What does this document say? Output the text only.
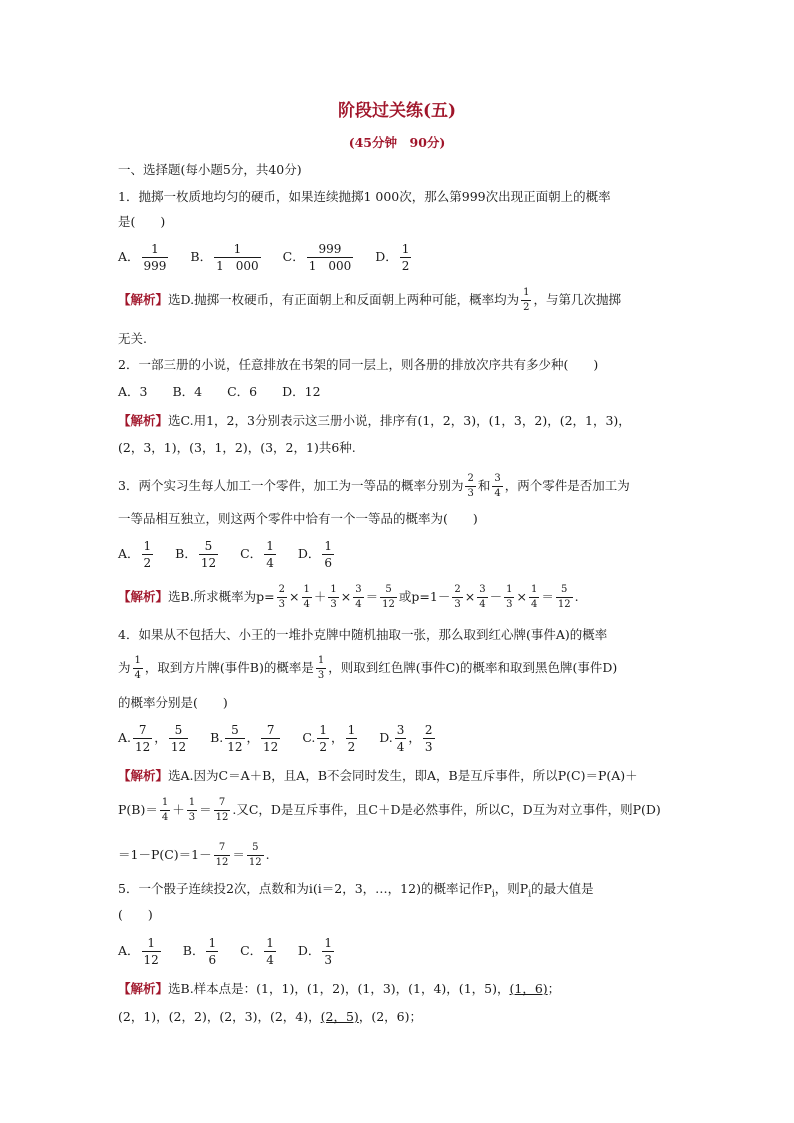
阶段过关练(五)
(45分钟　90分)
一、选择题(每小题5分，共40分)
1．抛掷一枚质地均匀的硬币，如果连续抛掷1 000次，那么第999次出现正面朝上的概率
是(　　)
A． $\frac{1}{999}$ B． $\frac{1}{1 000}$ C． $\frac{999}{1 000}$ D． $\frac{1}{2}$
【解析】选D.抛掷一枚硬币，有正面朝上和反面朝上两种可能，概率均为 $\frac{1}{2}$ ，与第几次抛掷
无关.
2．一部三册的小说，任意排放在书架的同一层上，则各册的排放次序共有多少种(　　)
A．3　　B．4　　C．6　　D．12
【解析】选C.用1，2，3分别表示这三册小说，排序有(1，2，3)，(1，3，2)，(2，1，3)，
(2，3，1)，(3，1，2)，(3，2，1)共6种.
3．两个实习生每人加工一个零件，加工为一等品的概率分别为 $\frac{2}{3}$ 和 $\frac{3}{4}$ ，两个零件是否加工为
一等品相互独立，则这两个零件中恰有一个一等品的概率为(　　)
A． $\frac{1}{2}$ B． $\frac{5}{12}$ C． $\frac{1}{4}$ D． $\frac{1}{6}$
【解析】选B.所求概率为$p= \frac{2}{3} \times \frac{1}{4} + \frac{1}{3} \times \frac{3}{4} = \frac{5}{12}$ 或$p=1- \frac{2}{3} \times \frac{3}{4} - \frac{1}{3} \times \frac{1}{4} = \frac{5}{12}$ .
4．如果从不包括大、小王的一堆扑克牌中随机抽取一张，那么取到红心牌(事件A)的概率
为 $\frac{1}{4}$ ，取到方片牌(事件B)的概率是 $\frac{1}{3}$ ，则取到红色牌(事件C)的概率和取到黑色牌(事件D)
的概率分别是(　　)
A. $\frac{7}{12}$ ， $\frac{5}{12} B$. $\frac{5}{12}$ ， $\frac{7}{12} C$. $\frac{1}{2}$ ， $\frac{1}{2} D$. $\frac{3}{4}$ ， $\frac{2}{3}$
【解析】选A.因为C＝A＋B，且A，B不会同时发生，即A，B是互斥事件，所以P(C)＝P(A)＋
$P(B)= \frac{1}{4} + \frac{1}{3} = \frac{7}{12}$ .又C，D是互斥事件，且C＋D是必然事件，所以C，D互为对立事件，则P(D)
$=1-P(C)=1- \frac{7}{12} = \frac{5}{12}$ .
5．一个骰子连续投2次，点数和为i(i＝2，3，…，12)的概率记作$P_i$，则$P_i$的最大值是
(　　)
A． $\frac{1}{12}$ B． $\frac{1}{6}$ C． $\frac{1}{4}$ D． $\frac{1}{3}$
【解析】选B.样本点是：(1，1)，(1，2)，(1，3)，(1，4)，(1，5)，(1，6)；
(2，1)，(2，2)，(2，3)，(2，4)，(2，5)，(2，6)；
